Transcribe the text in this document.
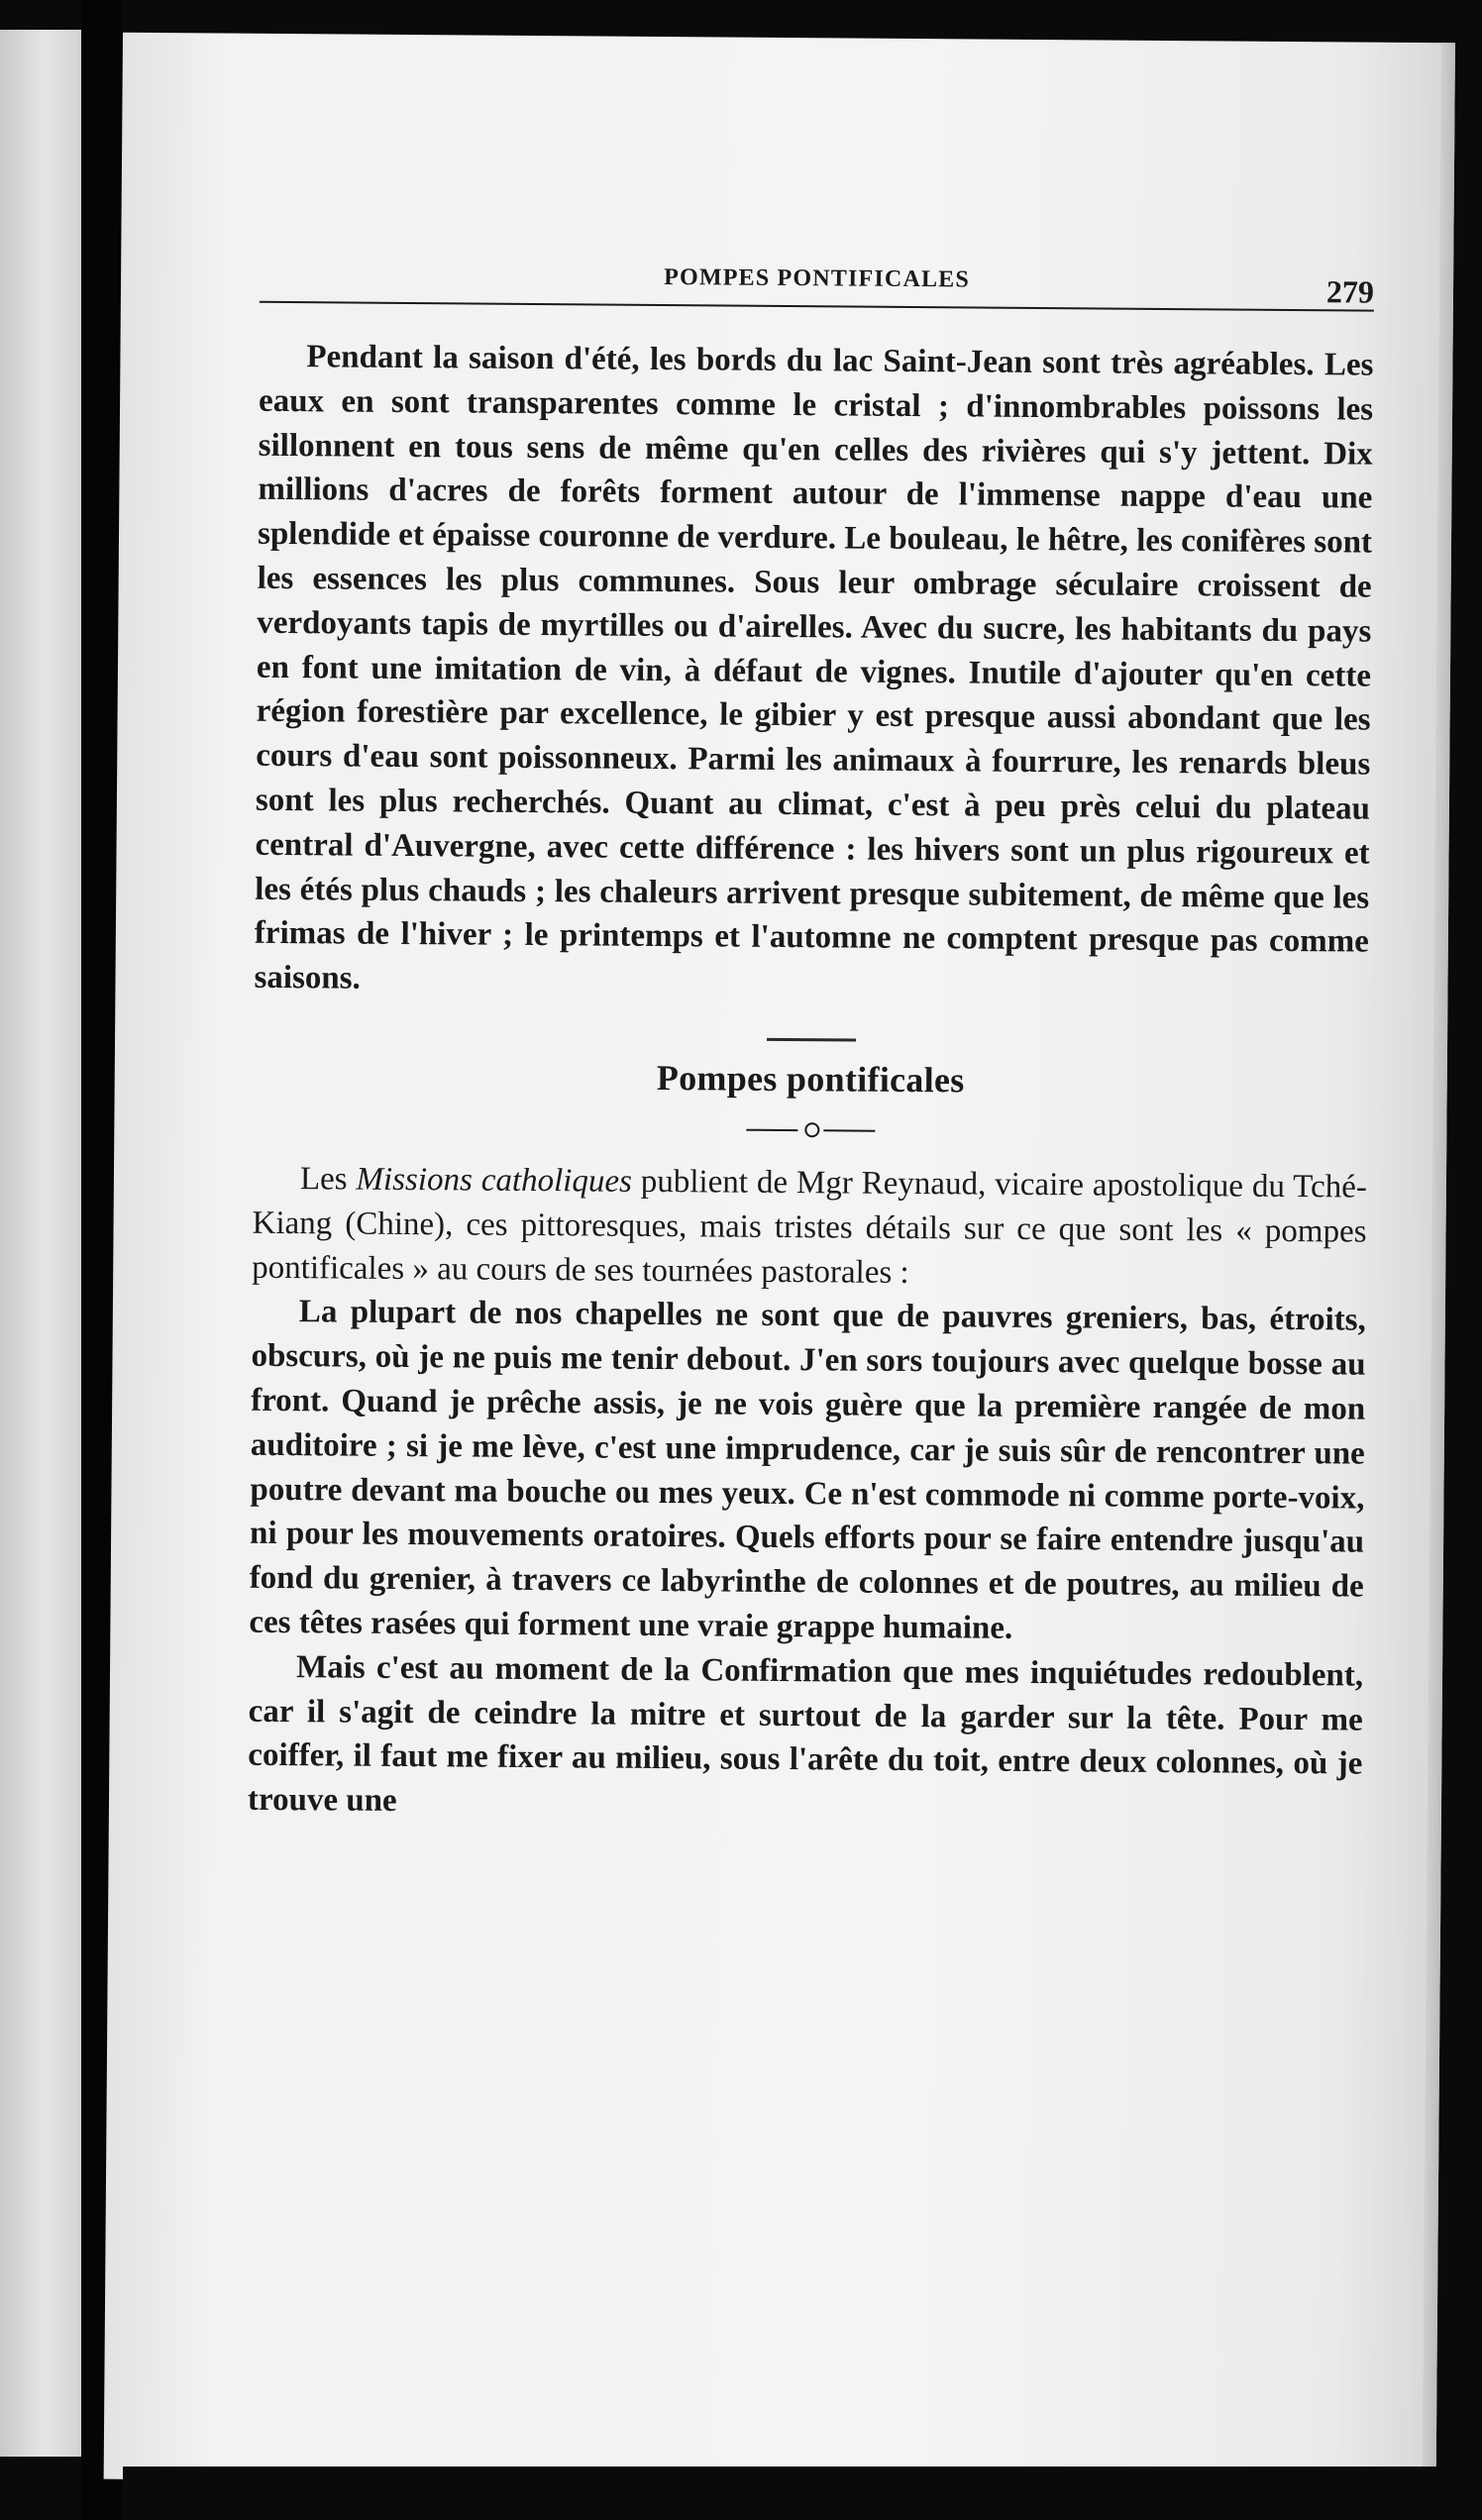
POMPES PONTIFICALES	279

Pendant la saison d'été, les bords du lac Saint-Jean sont très agréables. Les eaux en sont transparentes comme le cristal ; d'innombrables poissons les sillonnent en tous sens de même qu'en celles des rivières qui s'y jettent. Dix millions d'acres de forêts forment autour de l'immense nappe d'eau une splendide et épaisse couronne de verdure. Le bouleau, le hêtre, les conifères sont les essences les plus communes. Sous leur ombrage séculaire croissent de verdoyants tapis de myrtilles ou d'airelles. Avec du sucre, les habitants du pays en font une imitation de vin, à défaut de vignes. Inutile d'ajouter qu'en cette région forestière par excellence, le gibier y est presque aussi abondant que les cours d'eau sont poissonneux. Parmi les animaux à fourrure, les renards bleus sont les plus recherchés. Quant au climat, c'est à peu près celui du plateau central d'Auvergne, avec cette différence : les hivers sont un plus rigoureux et les étés plus chauds ; les chaleurs arrivent presque subitement, de même que les frimas de l'hiver ; le printemps et l'automne ne comptent presque pas comme saisons.

Pompes pontificales

Les Missions catholiques publient de Mgr Reynaud, vicaire apostolique du Tché-Kiang (Chine), ces pittoresques, mais tristes détails sur ce que sont les « pompes pontificales » au cours de ses tournées pastorales :

La plupart de nos chapelles ne sont que de pauvres greniers, bas, étroits, obscurs, où je ne puis me tenir debout. J'en sors toujours avec quelque bosse au front. Quand je prêche assis, je ne vois guère que la première rangée de mon auditoire ; si je me lève, c'est une imprudence, car je suis sûr de rencontrer une poutre devant ma bouche ou mes yeux. Ce n'est commode ni comme porte-voix, ni pour les mouvements oratoires. Quels efforts pour se faire entendre jusqu'au fond du grenier, à travers ce labyrinthe de colonnes et de poutres, au milieu de ces têtes rasées qui forment une vraie grappe humaine.

Mais c'est au moment de la Confirmation que mes inquiétudes redoublent, car il s'agit de ceindre la mitre et surtout de la garder sur la tête. Pour me coiffer, il faut me fixer au milieu, sous l'arête du toit, entre deux colonnes, où je trouve une
